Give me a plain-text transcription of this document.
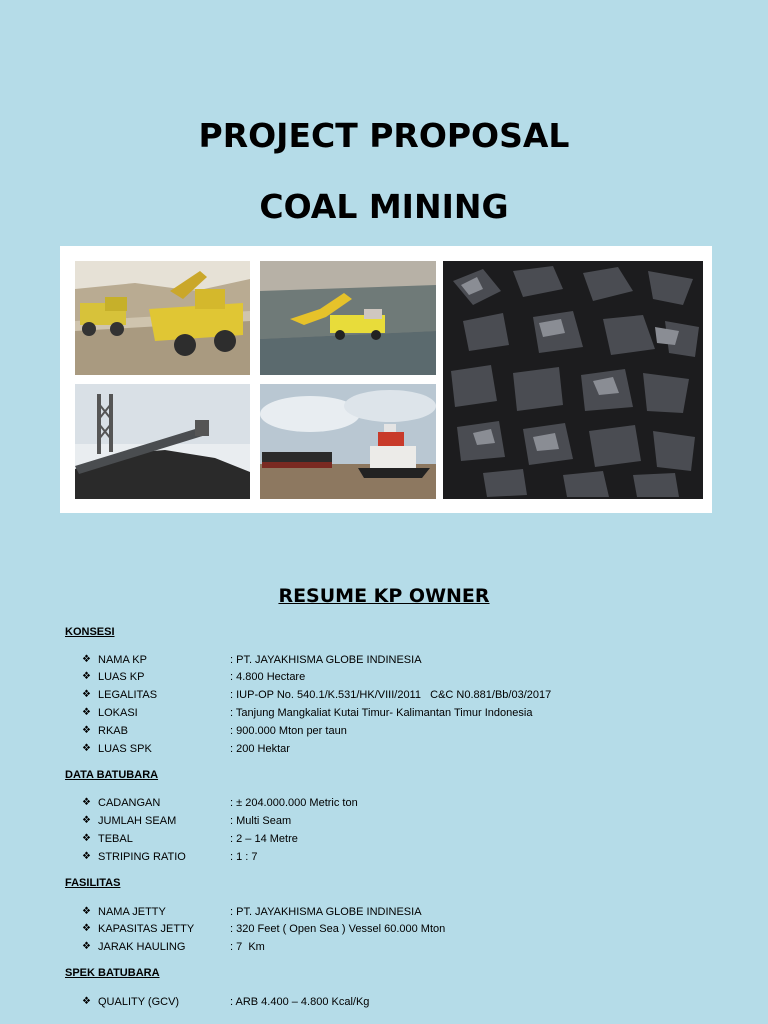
PROJECT PROPOSAL
COAL MINING
RESUME KP OWNER
KONSESI
❖ NAMA KP	: PT. JAYAKHISMA GLOBE INDINESIA
❖ LUAS KP	: 4.800 Hectare
❖ LEGALITAS	: IUP-OP No. 540.1/K.531/HK/VIII/2011   C&C N0.881/Bb/03/2017
❖ LOKASI	: Tanjung Mangkaliat Kutai Timur- Kalimantan Timur Indonesia
❖ RKAB	: 900.000 Mton per taun
❖ LUAS SPK	: 200 Hektar
DATA BATUBARA
❖ CADANGAN	: ± 204.000.000 Metric ton
❖ JUMLAH SEAM	: Multi Seam
❖ TEBAL	: 2 – 14 Metre
❖ STRIPING RATIO	: 1 : 7
FASILITAS
❖ NAMA JETTY	: PT. JAYAKHISMA GLOBE INDINESIA
❖ KAPASITAS JETTY	: 320 Feet ( Open Sea ) Vessel 60.000 Mton
❖ JARAK HAULING	: 7  Km
SPEK BATUBARA
❖ QUALITY (GCV)	: ARB 4.400 – 4.800 Kcal/Kg
